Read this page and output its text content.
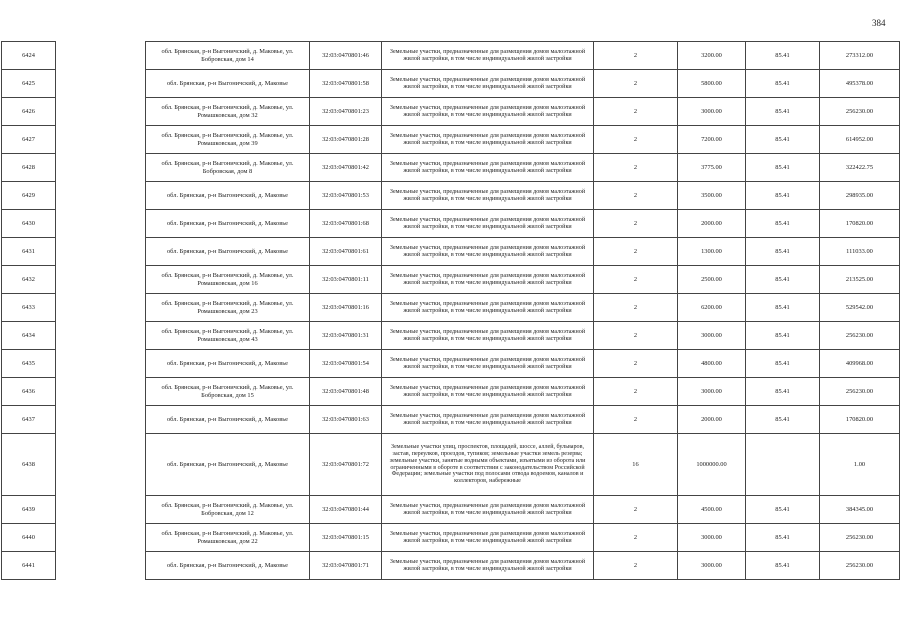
384
6424		обл. Брянская, р-н Выгоничский, д. Маковье, ул. Бобровская, дом 14	32:03:0470801:46	Земельные участки, предназначенные для размещения домов малоэтажной жилой застройки, в том числе индивидуальной жилой застройки	2	3200.00	85.41	273312.00
6425		обл. Брянская, р-н Выгоничский, д. Маковье	32:03:0470801:58	Земельные участки, предназначенные для размещения домов малоэтажной жилой застройки, в том числе индивидуальной жилой застройки	2	5800.00	85.41	495378.00
6426		обл. Брянская, р-н Выгоничский, д. Маковье, ул. Ромашковская, дом 32	32:03:0470801:23	Земельные участки, предназначенные для размещения домов малоэтажной жилой застройки, в том числе индивидуальной жилой застройки	2	3000.00	85.41	256230.00
6427		обл. Брянская, р-н Выгоничский, д. Маковье, ул. Ромашковская, дом 39	32:03:0470801:28	Земельные участки, предназначенные для размещения домов малоэтажной жилой застройки, в том числе индивидуальной жилой застройки	2	7200.00	85.41	614952.00
6428		обл. Брянская, р-н Выгоничский, д. Маковье, ул. Бобровская, дом 8	32:03:0470801:42	Земельные участки, предназначенные для размещения домов малоэтажной жилой застройки, в том числе индивидуальной жилой застройки	2	3775.00	85.41	322422.75
6429		обл. Брянская, р-н Выгоничский, д. Маковье	32:03:0470801:53	Земельные участки, предназначенные для размещения домов малоэтажной жилой застройки, в том числе индивидуальной жилой застройки	2	3500.00	85.41	298935.00
6430		обл. Брянская, р-н Выгоничский, д. Маковье	32:03:0470801:68	Земельные участки, предназначенные для размещения домов малоэтажной жилой застройки, в том числе индивидуальной жилой застройки	2	2000.00	85.41	170820.00
6431		обл. Брянская, р-н Выгоничский, д. Маковье	32:03:0470801:61	Земельные участки, предназначенные для размещения домов малоэтажной жилой застройки, в том числе индивидуальной жилой застройки	2	1300.00	85.41	111033.00
6432		обл. Брянская, р-н Выгоничский, д. Маковье, ул. Ромашковская, дом 16	32:03:0470801:11	Земельные участки, предназначенные для размещения домов малоэтажной жилой застройки, в том числе индивидуальной жилой застройки	2	2500.00	85.41	213525.00
6433		обл. Брянская, р-н Выгоничский, д. Маковье, ул. Ромашковская, дом 23	32:03:0470801:16	Земельные участки, предназначенные для размещения домов малоэтажной жилой застройки, в том числе индивидуальной жилой застройки	2	6200.00	85.41	529542.00
6434		обл. Брянская, р-н Выгоничский, д. Маковье, ул. Ромашковская, дом 43	32:03:0470801:31	Земельные участки, предназначенные для размещения домов малоэтажной жилой застройки, в том числе индивидуальной жилой застройки	2	3000.00	85.41	256230.00
6435		обл. Брянская, р-н Выгоничский, д. Маковье	32:03:0470801:54	Земельные участки, предназначенные для размещения домов малоэтажной жилой застройки, в том числе индивидуальной жилой застройки	2	4800.00	85.41	409968.00
6436		обл. Брянская, р-н Выгоничский, д. Маковье, ул. Бобровская, дом 15	32:03:0470801:48	Земельные участки, предназначенные для размещения домов малоэтажной жилой застройки, в том числе индивидуальной жилой застройки	2	3000.00	85.41	256230.00
6437		обл. Брянская, р-н Выгоничский, д. Маковье	32:03:0470801:63	Земельные участки, предназначенные для размещения домов малоэтажной жилой застройки, в том числе индивидуальной жилой застройки	2	2000.00	85.41	170820.00
6438		обл. Брянская, р-н Выгоничский, д. Маковье	32:03:0470801:72	Земельные участки улиц, проспектов, площадей, шоссе, аллей, бульваров, застав, переулков, проездов, тупиков; земельные участки земель резерва; земельные участки, занятые водными объектами, изъятыми из оборота или ограниченными в обороте в соответствии с законодательством Российской Федерации; земельные участки под полосами отвода водоемов, каналов и коллекторов, набережные	16	1000000.00		1.00
6439		обл. Брянская, р-н Выгоничский, д. Маковье, ул. Бобровская, дом 12	32:03:0470801:44	Земельные участки, предназначенные для размещения домов малоэтажной жилой застройки, в том числе индивидуальной жилой застройки	2	4500.00	85.41	384345.00
6440		обл. Брянская, р-н Выгоничский, д. Маковье, ул. Ромашковская, дом 22	32:03:0470801:15	Земельные участки, предназначенные для размещения домов малоэтажной жилой застройки, в том числе индивидуальной жилой застройки	2	3000.00	85.41	256230.00
6441		обл. Брянская, р-н Выгоничский, д. Маковье	32:03:0470801:71	Земельные участки, предназначенные для размещения домов малоэтажной жилой застройки, в том числе индивидуальной жилой застройки	2	3000.00	85.41	256230.00
